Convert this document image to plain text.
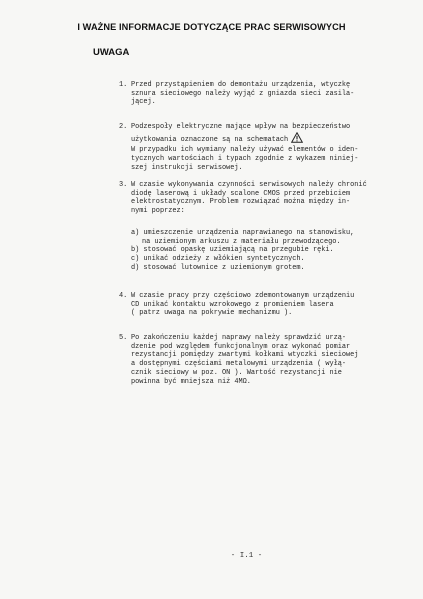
I WAŻNE INFORMACJE DOTYCZĄCE PRAC SERWISOWYCH
UWAGA
1. Przed przystąpieniem do demontażu urządzenia, wtyczkę
sznura sieciowego należy wyjąć z gniazda sieci zasila-
jącej.
2. Podzespoły elektryczne mające wpływ na bezpieczeństwo
użytkowania oznaczone są na schematach
W przypadku ich wymiany należy używać elementów o iden-
tycznych wartościach i typach zgodnie z wykazem niniej-
szej instrukcji serwisowej.
3. W czasie wykonywania czynności serwisowych należy chronić
diodę laserową i układy scalone CMOS przed przebiciem
elektrostatycznym. Problem rozwiązać można między in-
nymi poprzez:
a) umieszczenie urządzenia naprawianego na stanowisku,
na uziemionym arkuszu z materiału przewodzącego.
b) stosować opaskę uziemiającą na przegubie ręki.
c) unikać odzieży z włókien syntetycznych.
d) stosować lutownice z uziemionym grotem.
4. W czasie pracy przy częściowo zdemontowanym urządzeniu
CD unikać kontaktu wzrokowego z promieniem lasera
( patrz uwaga na pokrywie mechanizmu ).
5. Po zakończeniu każdej naprawy należy sprawdzić urzą-
dzenie pod względem funkcjonalnym oraz wykonać pomiar
rezystancji pomiędzy zwartymi kołkami wtyczki sieciowej
a dostępnymi częściami metalowymi urządzenia ( wyłą-
cznik sieciowy w poz. ON ). Wartość rezystancji nie
powinna być mniejsza niż 4MΩ.
- I.1 -
